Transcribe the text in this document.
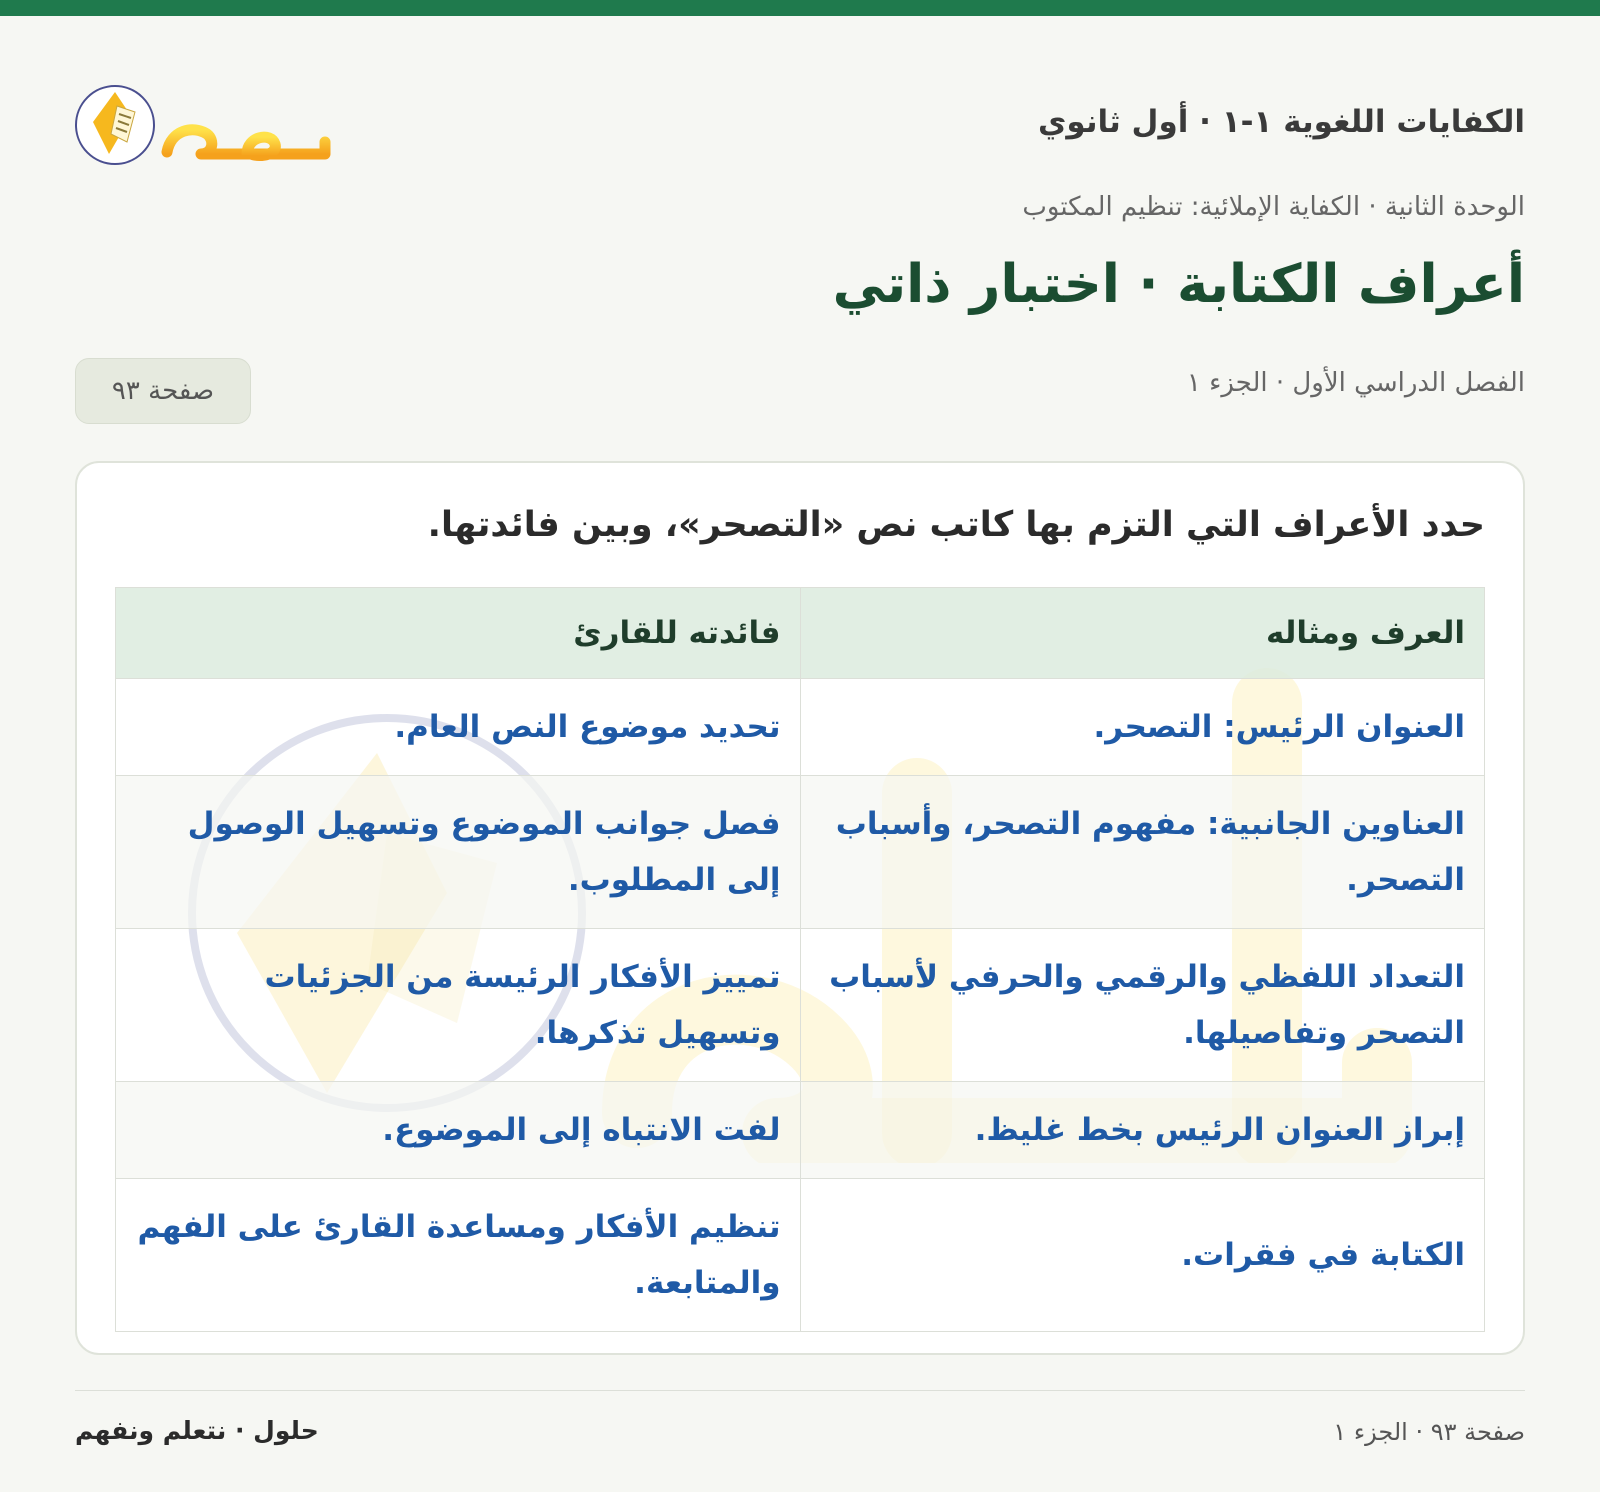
الكفايات اللغوية ١-١ · أول ثانوي
الوحدة الثانية · الكفاية الإملائية: تنظيم المكتوب
أعراف الكتابة · اختبار ذاتي
الفصل الدراسي الأول · الجزء ١
صفحة ٩٣
حدد الأعراف التي التزم بها كاتب نص «التصحر»، وبين فائدتها.
العرف ومثاله	فائدته للقارئ
العنوان الرئيس: التصحر.	تحديد موضوع النص العام.
العناوين الجانبية: مفهوم التصحر، وأسباب التصحر.	فصل جوانب الموضوع وتسهيل الوصول إلى المطلوب.
التعداد اللفظي والرقمي والحرفي لأسباب التصحر وتفاصيلها.	تمييز الأفكار الرئيسة من الجزئيات وتسهيل تذكرها.
إبراز العنوان الرئيس بخط غليظ.	لفت الانتباه إلى الموضوع.
الكتابة في فقرات.	تنظيم الأفكار ومساعدة القارئ على الفهم والمتابعة.
صفحة ٩٣ · الجزء ١
حلول · نتعلم ونفهم
